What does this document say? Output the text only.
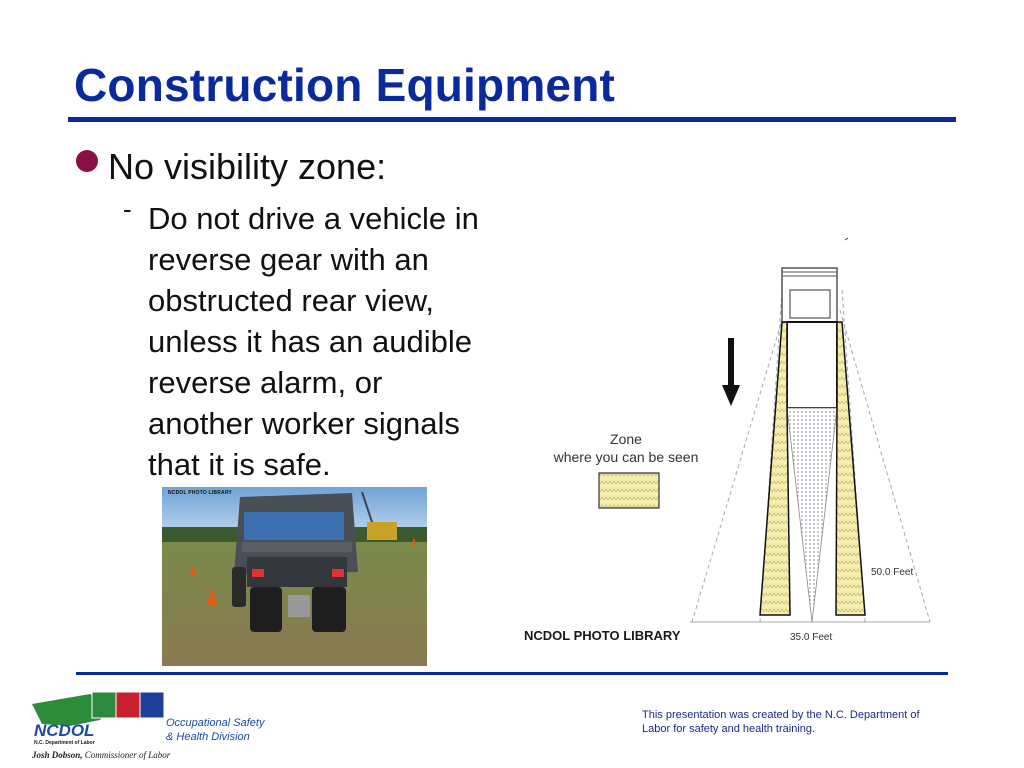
Construction Equipment
No visibility zone:
- Do not drive a vehicle in
reverse gear with an
obstructed rear view,
unless it has an audible
reverse alarm, or
another worker signals
that it is safe.
NCDOL PHOTO LIBRARY
Zone
where you can be seen
50.0 Feet
35.0 Feet
NCDOL PHOTO LIBRARY
NCDOL
N.C. Department of Labor
Occupational Safety
& Health Division
Josh Dobson, Commissioner of Labor
This presentation was created by the N.C. Department of Labor for safety and health training.
